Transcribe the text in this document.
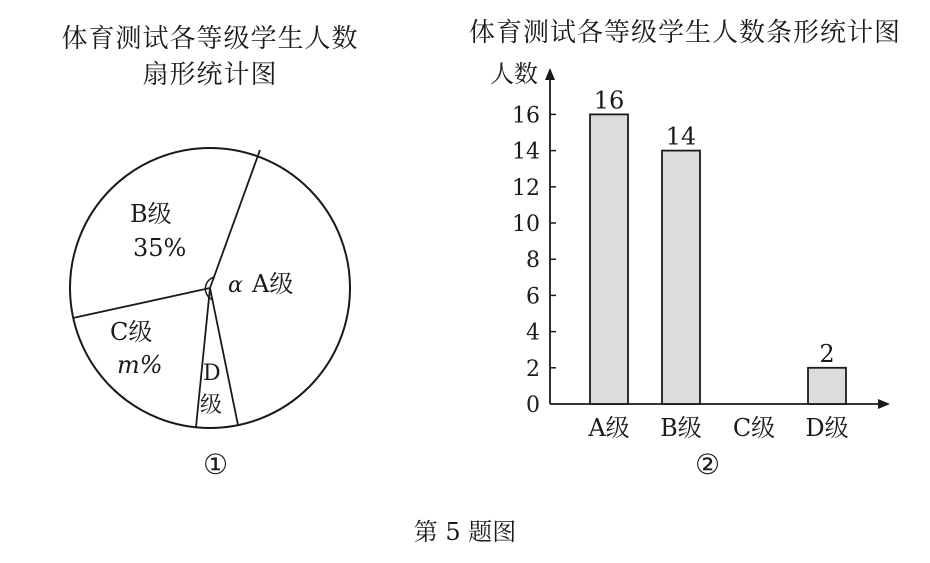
体育测试各等级学生人数
扇形统计图
体育测试各等级学生人数条形统计图
α A级
B级
35%
C级
m% D
级
①
人数
0
2
4
6
8
10
12
14
16
16
A级
14
B级 C级
2
D级
②
第 5 题图
